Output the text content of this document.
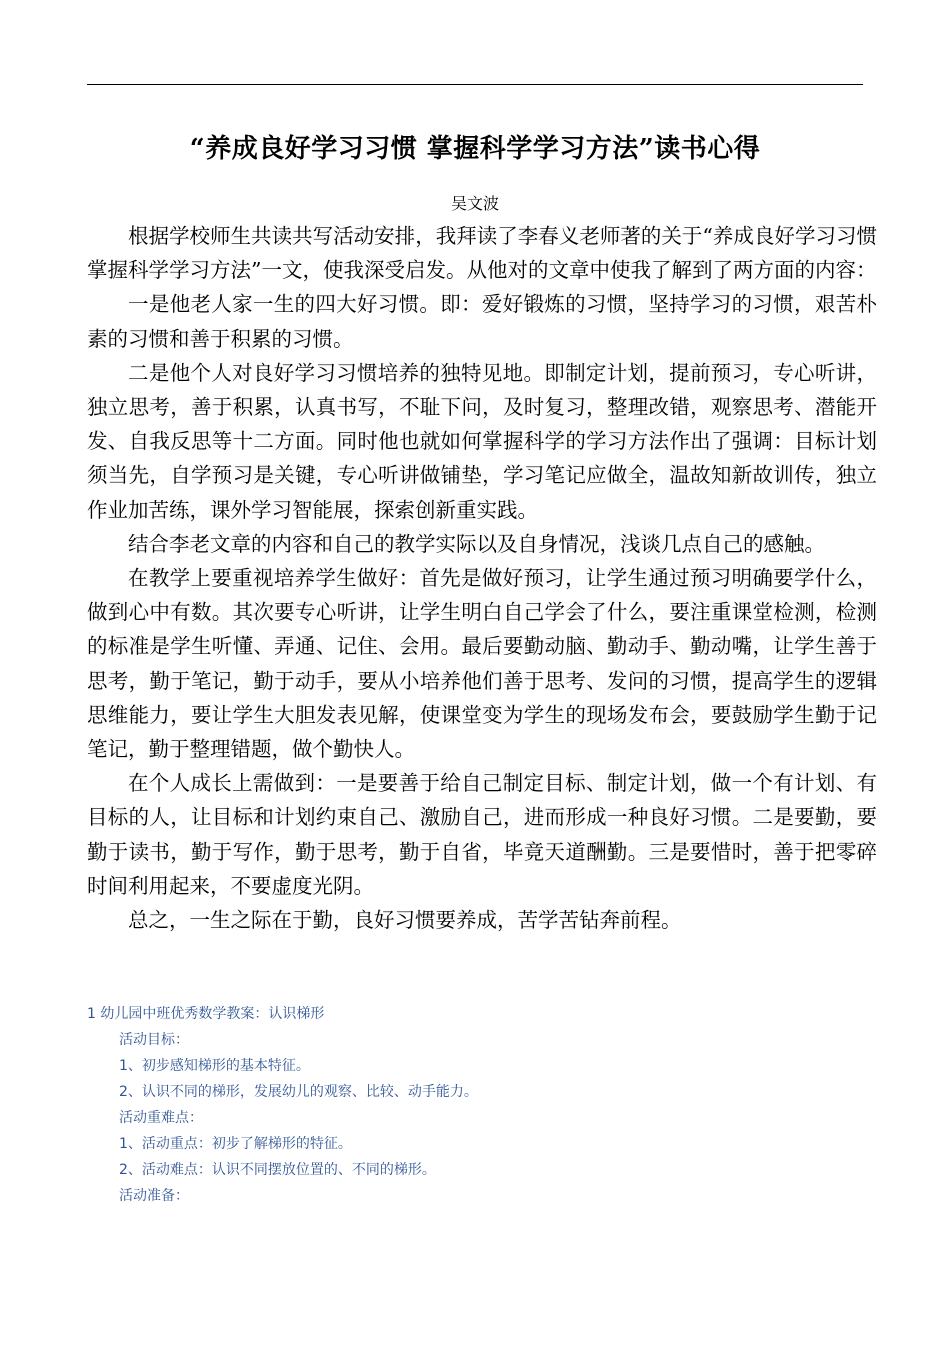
“养成良好学习习惯 掌握科学学习方法”读书心得
吴文波

根据学校师生共读共写活动安排，我拜读了李春义老师著的关于“养成良好学习习惯 掌握科学学习方法”一文，使我深受启发。从他对的文章中使我了解到了两方面的内容：

一是他老人家一生的四大好习惯。即：爱好锻炼的习惯，坚持学习的习惯，艰苦朴素的习惯和善于积累的习惯。

二是他个人对良好学习习惯培养的独特见地。即制定计划，提前预习，专心听讲，独立思考，善于积累，认真书写，不耻下问，及时复习，整理改错，观察思考、潜能开发、自我反思等十二方面。同时他也就如何掌握科学的学习方法作出了强调：目标计划须当先，自学预习是关键，专心听讲做铺垫，学习笔记应做全，温故知新故训传，独立作业加苦练，课外学习智能展，探索创新重实践。

结合李老文章的内容和自己的教学实际以及自身情况，浅谈几点自己的感触。

在教学上要重视培养学生做好：首先是做好预习，让学生通过预习明确要学什么，做到心中有数。其次要专心听讲，让学生明白自己学会了什么，要注重课堂检测，检测的标准是学生听懂、弄通、记住、会用。最后要勤动脑、勤动手、勤动嘴，让学生善于思考，勤于笔记，勤于动手，要从小培养他们善于思考、发问的习惯，提高学生的逻辑思维能力，要让学生大胆发表见解，使课堂变为学生的现场发布会，要鼓励学生勤于记笔记，勤于整理错题，做个勤快人。

在个人成长上需做到：一是要善于给自己制定目标、制定计划，做一个有计划、有目标的人，让目标和计划约束自己、激励自己，进而形成一种良好习惯。二是要勤，要勤于读书，勤于写作，勤于思考，勤于自省，毕竟天道酬勤。三是要惜时，善于把零碎时间利用起来，不要虚度光阴。

总之，一生之际在于勤，良好习惯要养成，苦学苦钻奔前程。

1 幼儿园中班优秀数学教案：认识梯形

活动目标：

1、初步感知梯形的基本特征。

2、认识不同的梯形，发展幼儿的观察、比较、动手能力。

活动重难点：

1、活动重点：初步了解梯形的特征。

2、活动难点：认识不同摆放位置的、不同的梯形。

活动准备：
